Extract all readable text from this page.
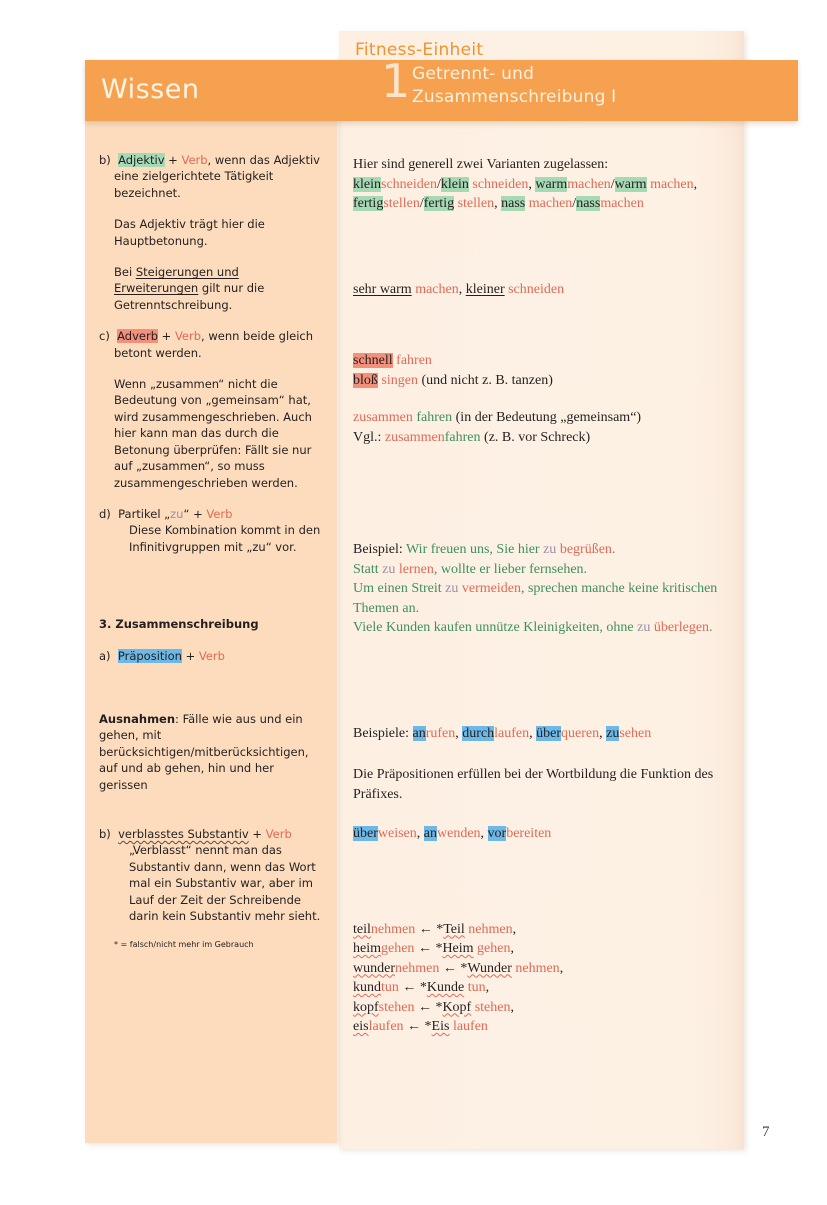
Fitness-Einheit
Wissen	1 Getrennt- und
Zusammenschreibung I
b) Adjektiv + Verb, wenn das Adjektiv eine zielgerichtete Tätigkeit bezeichnet.
Das Adjektiv trägt hier die Hauptbetonung.
Bei Steigerungen und Erweiterungen gilt nur die Getrenntschreibung.
c) Adverb + Verb, wenn beide gleich betont werden.
Wenn „zusammen“ nicht die Bedeutung von „gemeinsam“ hat, wird zusammengeschrieben. Auch hier kann man das durch die Betonung überprüfen: Fällt sie nur auf „zusammen“, so muss zusammengeschrieben werden.
d) Partikel „zu“ + Verb
Diese Kombination kommt in den Infinitivgruppen mit „zu“ vor.
3. Zusammenschreibung
a) Präposition + Verb
Ausnahmen: Fälle wie aus und ein gehen, mit berücksichtigen/mitberücksichtigen, auf und ab gehen, hin und her gerissen
b) verblasstes Substantiv + Verb
„Verblasst“ nennt man das Substantiv dann, wenn das Wort mal ein Substantiv war, aber im Lauf der Zeit der Schreibende darin kein Substantiv mehr sieht.
* = falsch/nicht mehr im Gebrauch
Hier sind generell zwei Varianten zugelassen:
kleinschneiden/klein schneiden, warmmachen/warm machen, fertigstellen/fertig stellen, nass machen/nassmachen
sehr warm machen, kleiner schneiden
schnell fahren
bloß singen (und nicht z. B. tanzen)
zusammen fahren (in der Bedeutung „gemeinsam“)
Vgl.: zusammenfahren (z. B. vor Schreck)
Beispiel: Wir freuen uns, Sie hier zu begrüßen.
Statt zu lernen, wollte er lieber fernsehen.
Um einen Streit zu vermeiden, sprechen manche keine kritischen Themen an.
Viele Kunden kaufen unnütze Kleinigkeiten, ohne zu überlegen.
Beispiele: anrufen, durchlaufen, überqueren, zusehen
Die Präpositionen erfüllen bei der Wortbildung die Funktion des Präfixes.
überweisen, anwenden, vorbereiten
teilnehmen ← *Teil nehmen,
heimgehen ← *Heim gehen,
wundernehmen ← *Wunder nehmen,
kundtun ← *Kunde tun,
kopfstehen ← *Kopf stehen,
eislaufen ← *Eis laufen
7
